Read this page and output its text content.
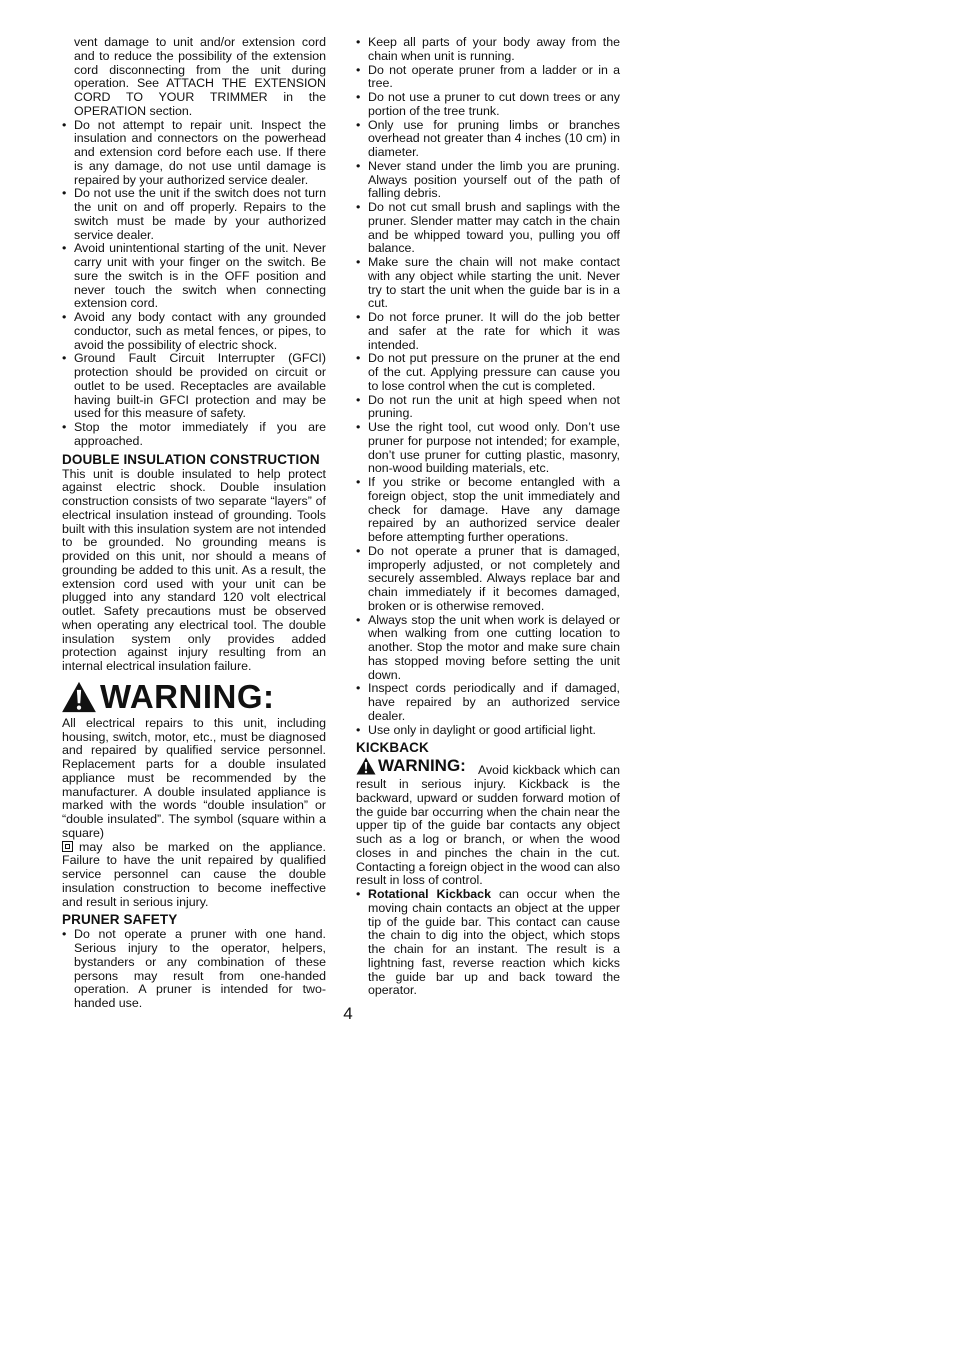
vent damage to unit and/or extension cord and to reduce the possibility of the extension cord disconnecting from the unit during operation. See ATTACH THE EXTENSION CORD TO YOUR TRIMMER in the OPERATION section.

• Do not attempt to repair unit. Inspect the insulation and connectors on the powerhead and extension cord before each use. If there is any damage, do not use until damage is repaired by your authorized service dealer.
• Do not use the unit if the switch does not turn the unit on and off properly. Repairs to the switch must be made by your authorized service dealer.
• Avoid unintentional starting of the unit. Never carry unit with your finger on the switch. Be sure the switch is in the OFF position and never touch the switch when connecting extension cord.
• Avoid any body contact with any grounded conductor, such as metal fences, or pipes, to avoid the possibility of electric shock.
• Ground Fault Circuit Interrupter (GFCI) protection should be provided on circuit or outlet to be used. Receptacles are available having built-in GFCI protection and may be used for this measure of safety.
• Stop the motor immediately if you are approached.
DOUBLE INSULATION CONSTRUCTION

This unit is double insulated to help protect against electric shock. Double insulation construction consists of two separate “layers” of electrical insulation instead of grounding. Tools built with this insulation system are not intended to be grounded. No grounding means is provided on this unit, nor should a means of grounding be added to this unit. As a result, the extension cord used with your unit can be plugged into any standard 120 volt electrical outlet. Safety precautions must be observed when operating any electrical tool. The double insulation system only provides added protection against injury resulting from an internal electrical insulation failure.

WARNING:

All electrical repairs to this unit, including housing, switch, motor, etc., must be diagnosed and repaired by qualified service personnel. Replacement parts for a double insulated appliance must be recommended by the manufacturer. A double insulated appliance is marked with the words “double insulation” or “double insulated”. The symbol (square within a square)
may also be marked on the appliance. Failure to have the unit repaired by qualified service personnel can cause the double insulation construction to become ineffective and result in serious injury.

PRUNER SAFETY
• Do not operate a pruner with one hand. Serious injury to the operator, helpers, bystanders or any combination of these persons may result from one-handed operation. A pruner is intended for two-handed use.
• Keep all parts of your body away from the chain when unit is running.
• Do not operate pruner from a ladder or in a tree.
• Do not use a pruner to cut down trees or any portion of the tree trunk.
• Only use for pruning limbs or branches overhead not greater than 4 inches (10 cm) in diameter.
• Never stand under the limb you are pruning. Always position yourself out of the path of falling debris.
• Do not cut small brush and saplings with the pruner. Slender matter may catch in the chain and be whipped toward you, pulling you off balance.
• Make sure the chain will not make contact with any object while starting the unit. Never try to start the unit when the guide bar is in a cut.
• Do not force pruner. It will do the job better and safer at the rate for which it was intended.
• Do not put pressure on the pruner at the end of the cut. Applying pressure can cause you to lose control when the cut is completed.
• Do not run the unit at high speed when not pruning.
• Use the right tool, cut wood only. Don’t use pruner for purpose not intended; for example, don’t use pruner for cutting plastic, masonry, non-wood building materials, etc.
• If you strike or become entangled with a foreign object, stop the unit immediately and check for damage. Have any damage repaired by an authorized service dealer before attempting further operations.
• Do not operate a pruner that is damaged, improperly adjusted, or not completely and securely assembled. Always replace bar and chain immediately if it becomes damaged, broken or is otherwise removed.
• Always stop the unit when work is delayed or when walking from one cutting location to another. Stop the motor and make sure chain has stopped moving before setting the unit down.
• Inspect cords periodically and if damaged, have repaired by an authorized service dealer.
• Use only in daylight or good artificial light.
KICKBACK

WARNING: Avoid kickback which can result in serious injury. Kickback is the backward, upward or sudden forward motion of the guide bar occurring when the chain near the upper tip of the guide bar contacts any object such as a log or branch, or when the wood closes in and pinches the chain in the cut. Contacting a foreign object in the wood can also result in loss of control.

• Rotational Kickback can occur when the moving chain contacts an object at the upper tip of the guide bar. This contact can cause the chain to dig into the object, which stops the chain for an instant. The result is a lightning fast, reverse reaction which kicks the guide bar up and back toward the operator.
4
